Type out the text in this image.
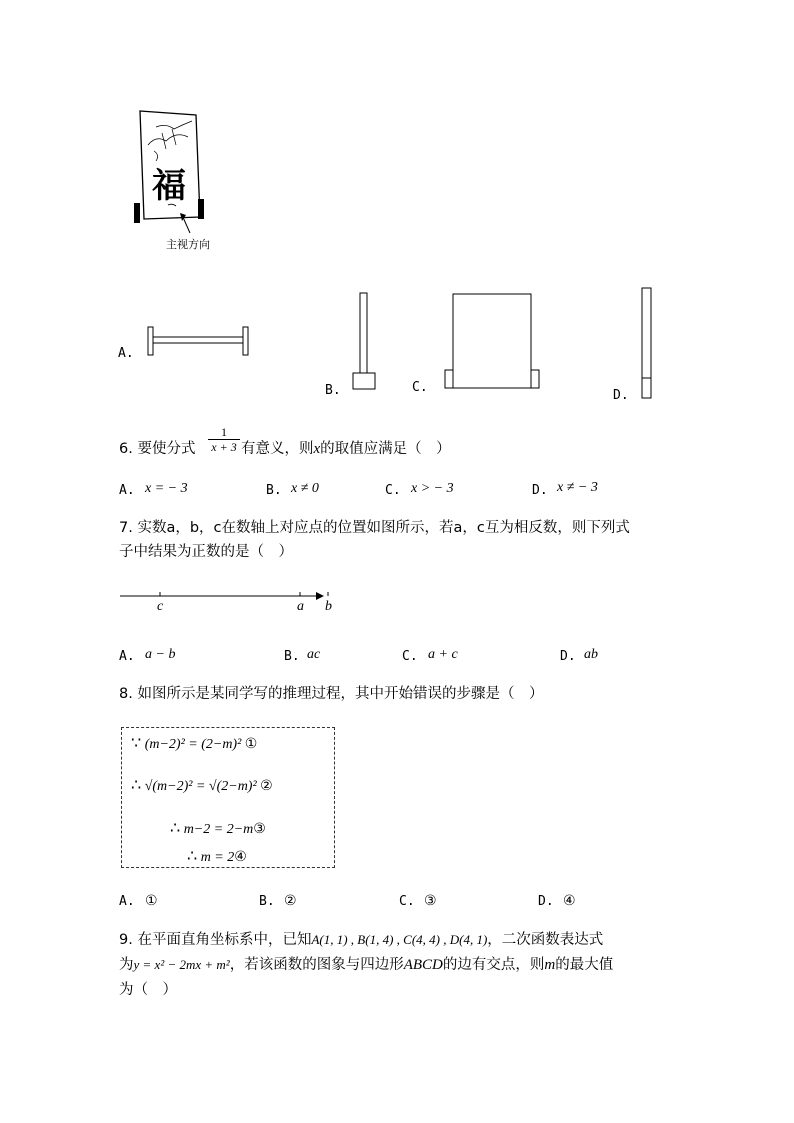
福
主视方向
A.
B.	C.
D.
6. 要使分式
1
x + 3 有意义，则x的取值应满足（　）
A. x = − 3	B. x ≠ 0	C. x > − 3	D. x ≠ − 3
7. 实数a，b，c在数轴上对应点的位置如图所示，若a，c互为相反数，则下列式
子中结果为正数的是（　）
c	a b
A. a − b	B. ac	C. a + c	D. ab
8. 如图所示是某同学写的推理过程，其中开始错误的步骤是（　）
∵ (m−2)² = (2−m)² ①
∴ √(m−2)² = √(2−m)² ②
∴ m−2 = 2−m③
∴ m = 2④
A. ①	B. ②	C. ③	D. ④
9. 在平面直角坐标系中，已知A(1, 1) , B(1, 4) , C(4, 4) , D(4, 1)，二次函数表达式
为y = x² − 2mx + m²，若该函数的图象与四边形ABCD的边有交点，则m的最大值
为（　）
